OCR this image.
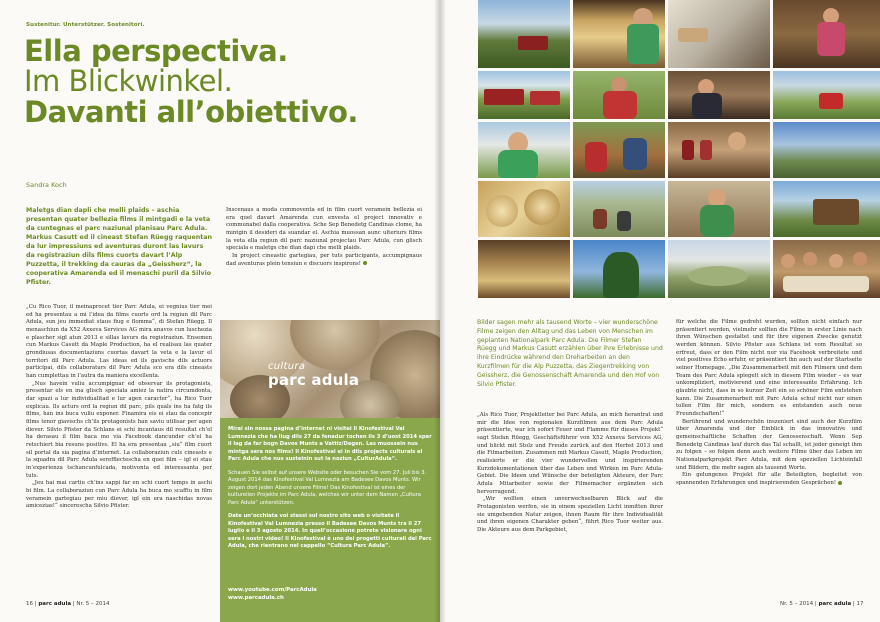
Sustenitur. Unterstützer. Sostenitori.
Ella perspectiva.
Im Blickwinkel.
Davanti all’obiettivo.
Sandra Koch
Maletgs dian dapli che melli plaids – aschia presentan quater bellezia films il mintgadi e la veta da cuntegnas el parc naziunal planisau Parc Adula. Markus Casutt ed il cineast Stefan Rüegg raquentan da lur impressiuns ed aventuras duront las lavurs da registraziun dils films cuorts davart l’Alp Puzzetta, il trekking da cauras da „Geissherz“, la cooperativa Amarenda ed il menaschi puril da Silvio Pfister.

„Cu Rico Tuor, il meinaprocet tier Parc Adula, ei vegnius tier mei ed ha presentau a mi l’idea da films cuorts ord la regiun dil Parc Adula, sun jeu immediat staus fiug e flomma“, di Stefan Rüegg. Il menaschiun da X52 Axxeva Services AG mira anavos cun luschezia e plascher sigl atun 2013 e sillas lavurs da registraziun. Ensemen cun Markus Casutt da Maple Production, ha el realisau las quater grondiusas documentaziuns cuortas davart la veta e la lavur el territori dil Parc Adula. Las ideas ed ils gavischs dils actuors participai, dils collaboraturs dil Parc Adula sco era dils cineasts han cumplettau in l’autra da maniera excellenta.

„Nus havein vuliu accumpignar ed observar ils protagonists, presentar els en ina glisch speciala amiez la natira circumdonta, dar spazi a lur individualitad e lur agen caracter“, ha Rico Tuor explicau. Ils acturs ord la regiun dil parc, pils quals ins ha fatg ils films, han ins buca vuliu exponer. Finamira eis ei stau da concepir films tenor giavischs ch’ils protagonists han saviu utilisar per agen diever. Silvio Pfister da Schlans ei schi incantaus dil resultat ch’el ha derasau il film baca mo via Facebook dancunder ch’el ha retschiert bia resuns positivs. El ha era presentau „siu“ film cuort sil portal da sia pagina d’internet. La collaboraziun culs cineasts e la squadra dil Parc Adula serefflectescha en quei film – igl ei stau in’experienza tschancunfulcada, motivonta ed interessanta per tuts.

„Jeu hai mai cartiu ch’ins sappi far en schi cuort temps in aschi bi film. La collaboraziun cun Parc Adula ha buca mo scaffiu in film veramein gartegiau per miu diever, igl ein era naschidas novas amicezias!“ sincerescha Silvio Pfister.

Inscenaus a moda commoventa ed in film cuort veramein bellezia ei era quel davart Amarenda cun envesta el project innovativ e communabel dalla cooperativa. Sche Sep Benedetg Candinas clome, ha mintgin il desideri da suandar el. Aschia muossan aunc ulteriurs films la veta ella regiun dil parc naziunal projectau Parc Adula, cun glisch speciala e maletgs che dian dapi che melli plaids.

In project cineastic gartegiau, per tuts participants, accumpignaus dad aventuras plein tensiun e discuors inspirons!

cultura
parc adula

Mirai sin nossa pagina d’internet ni visitei il Kinofestival Val Lumnezia che ha liug dils 27 da fenadur tochen ils 3 d’uost 2014 sper il lag da far bogn Davos Munts a Vattiz/Degen. Las muossein nus mintga sera nos films! Il Kinofestival ei in dils projects culturals el Parc Adula che nus susteinin sut la noziun „CulturAdula“.

Schauen Sie selbst auf unsere Website oder besuchen Sie vom 27. Juli bis 3. August 2014 das Kinofestival Val Lumnezia am Badesee Davos Munts. Wir zeigen dort jeden Abend unsere Filme! Das Kinofestival ist eines der kulturellen Projekte im Parc Adula, welches wir unter dem Namen „Cultura Parc Adula“ unterstützen.

Date un’occhiata voi stessi sul nostro sito web o visitate il Kinofestival Val Lumnezia presso il Badesee Davos Munts tra il 27 luglio e il 3 agosto 2014. In quell’occasione potrete visionare ogni sera i nostri video! Il Kinofestival è uno dei progetti culturali del Parc Adula, che rientrano nel cappello “Cultura Parc Adula”.

www.youtube.com/ParcAdula
www.parcadula.ch
16 | parc adula | Nr. 5 – 2014
Bilder sagen mehr als tausend Worte – vier wunderschöne Filme zeigen den Alltag und das Leben von Menschen im geplanten Nationalpark Parc Adula. Die Filmer Stefan Rüegg und Markus Casutt erzählen über ihre Erlebnisse und ihre Eindrücke während den Dreharbeiten an den Kurzfilmen für die Alp Puzzetta, das Ziegentrekking von Geissherz, die Genossenschaft Amarenda und den Hof von Silvio Pfister.

„Als Rico Tuor, Projektleiter bei Parc Adula, an mich herantrat und mir die Idee von regionalen Kurzfilmen aus dem Parc Adula präsentierte, war ich sofort Feuer und Flamme für dieses Projekt“ sagt Stefan Rüegg, Geschäftsführer von X52 Axxeva Services AG, und blickt mit Stolz und Freude zurück auf den Herbst 2013 und die Filmarbeiten. Zusammen mit Markus Casutt, Maple Production, realisierte er die vier wundervollen und inspirierenden Kurzdokumentationen über das Leben und Wirken im Parc Adula-Gebiet. Die Ideen und Wünsche der beteiligten Akteure, der Parc Adula Mitarbeiter sowie der Filmemacher ergänzten sich hervorragend.

„Wir wollten einen unverwechselbaren Blick auf die Protagonisten werfen, sie in einem speziellen Licht inmitten ihrer sie umgebenden Natur zeigen, ihnen Raum für ihre Individualität und ihren eigenen Charakter geben“, führt Rico Tuor weiter aus. Die Akteure aus dem Parkgebiet,

für welche die Filme gedreht wurden, sollten nicht einfach nur präsentiert werden, vielmehr sollten die Filme in erster Linie nach ihren Wünschen gestaltet und für ihre eigenen Zwecke genutzt werden können. Silvio Pfister aus Schlans ist vom Resultat so erfreut, dass er den Film nicht nur via Facebook verbreitete und viel positives Echo erfuhr, er präsentiert ihn auch auf der Startseite seiner Homepage. „Die Zusammenarbeit mit den Filmern und dem Team des Parc Adula spiegelt sich in diesem Film wieder – es war unkompliziert, motivierend und eine interessante Erfahrung. Ich glaubte nicht, dass in so kurzer Zeit ein so schöner Film entstehen kann. Die Zusammenarbeit mit Parc Adula schuf nicht nur einen tollen Film für mich, sondern es entstanden auch neue Freundschaften!“

Berührend und wunderschön inszeniert sind auch der Kurzfilm über Amarenda und der Einblick in das innovative und gemeinschaftliche Schaffen der Genossenschaft. Wenn Sep Benedetg Candinas lauf durch das Tal schallt, ist jeder geneigt ihm zu folgen – so folgen denn auch weitere Filme über das Leben im Nationalparkprojekt Parc Adula, mit dem speziellen Lichteinfall und Bildern, die mehr sagen als tausend Worte.

Ein gelungenes Projekt für alle Beteiligten, begleitet von spannenden Erfahrungen und inspirierenden Gesprächen!

Nr. 5 – 2014 | parc adula | 17
